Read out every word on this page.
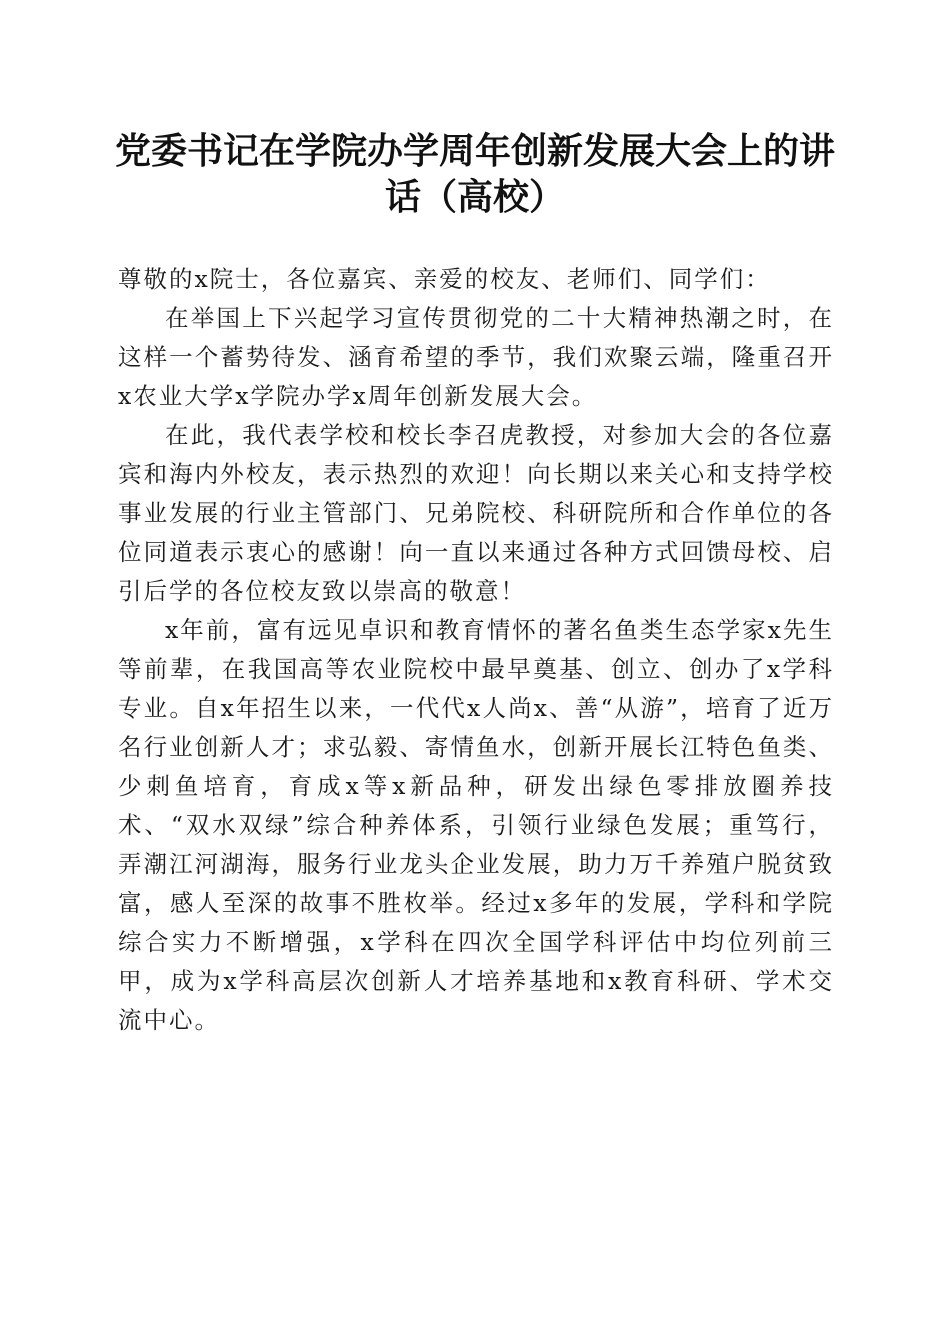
党委书记在学院办学周年创新发展大会上的讲话（高校）

尊敬的x院士，各位嘉宾、亲爱的校友、老师们、同学们：

在举国上下兴起学习宣传贯彻党的二十大精神热潮之时，在这样一个蓄势待发、涵育希望的季节，我们欢聚云端，隆重召开x农业大学x学院办学x周年创新发展大会。

在此，我代表学校和校长李召虎教授，对参加大会的各位嘉宾和海内外校友，表示热烈的欢迎！向长期以来关心和支持学校事业发展的行业主管部门、兄弟院校、科研院所和合作单位的各位同道表示衷心的感谢！向一直以来通过各种方式回馈母校、启引后学的各位校友致以崇高的敬意！

x年前，富有远见卓识和教育情怀的著名鱼类生态学家x先生等前辈，在我国高等农业院校中最早奠基、创立、创办了x学科专业。自x年招生以来，一代代x人尚x、善“从游”，培育了近万名行业创新人才；求弘毅、寄情鱼水，创新开展长江特色鱼类、少刺鱼培育，育成x等x新品种，研发出绿色零排放圈养技术、“双水双绿”综合种养体系，引领行业绿色发展；重笃行，弄潮江河湖海，服务行业龙头企业发展，助力万千养殖户脱贫致富，感人至深的故事不胜枚举。经过x多年的发展，学科和学院综合实力不断增强，x学科在四次全国学科评估中均位列前三甲，成为x学科高层次创新人才培养基地和x教育科研、学术交流中心。
